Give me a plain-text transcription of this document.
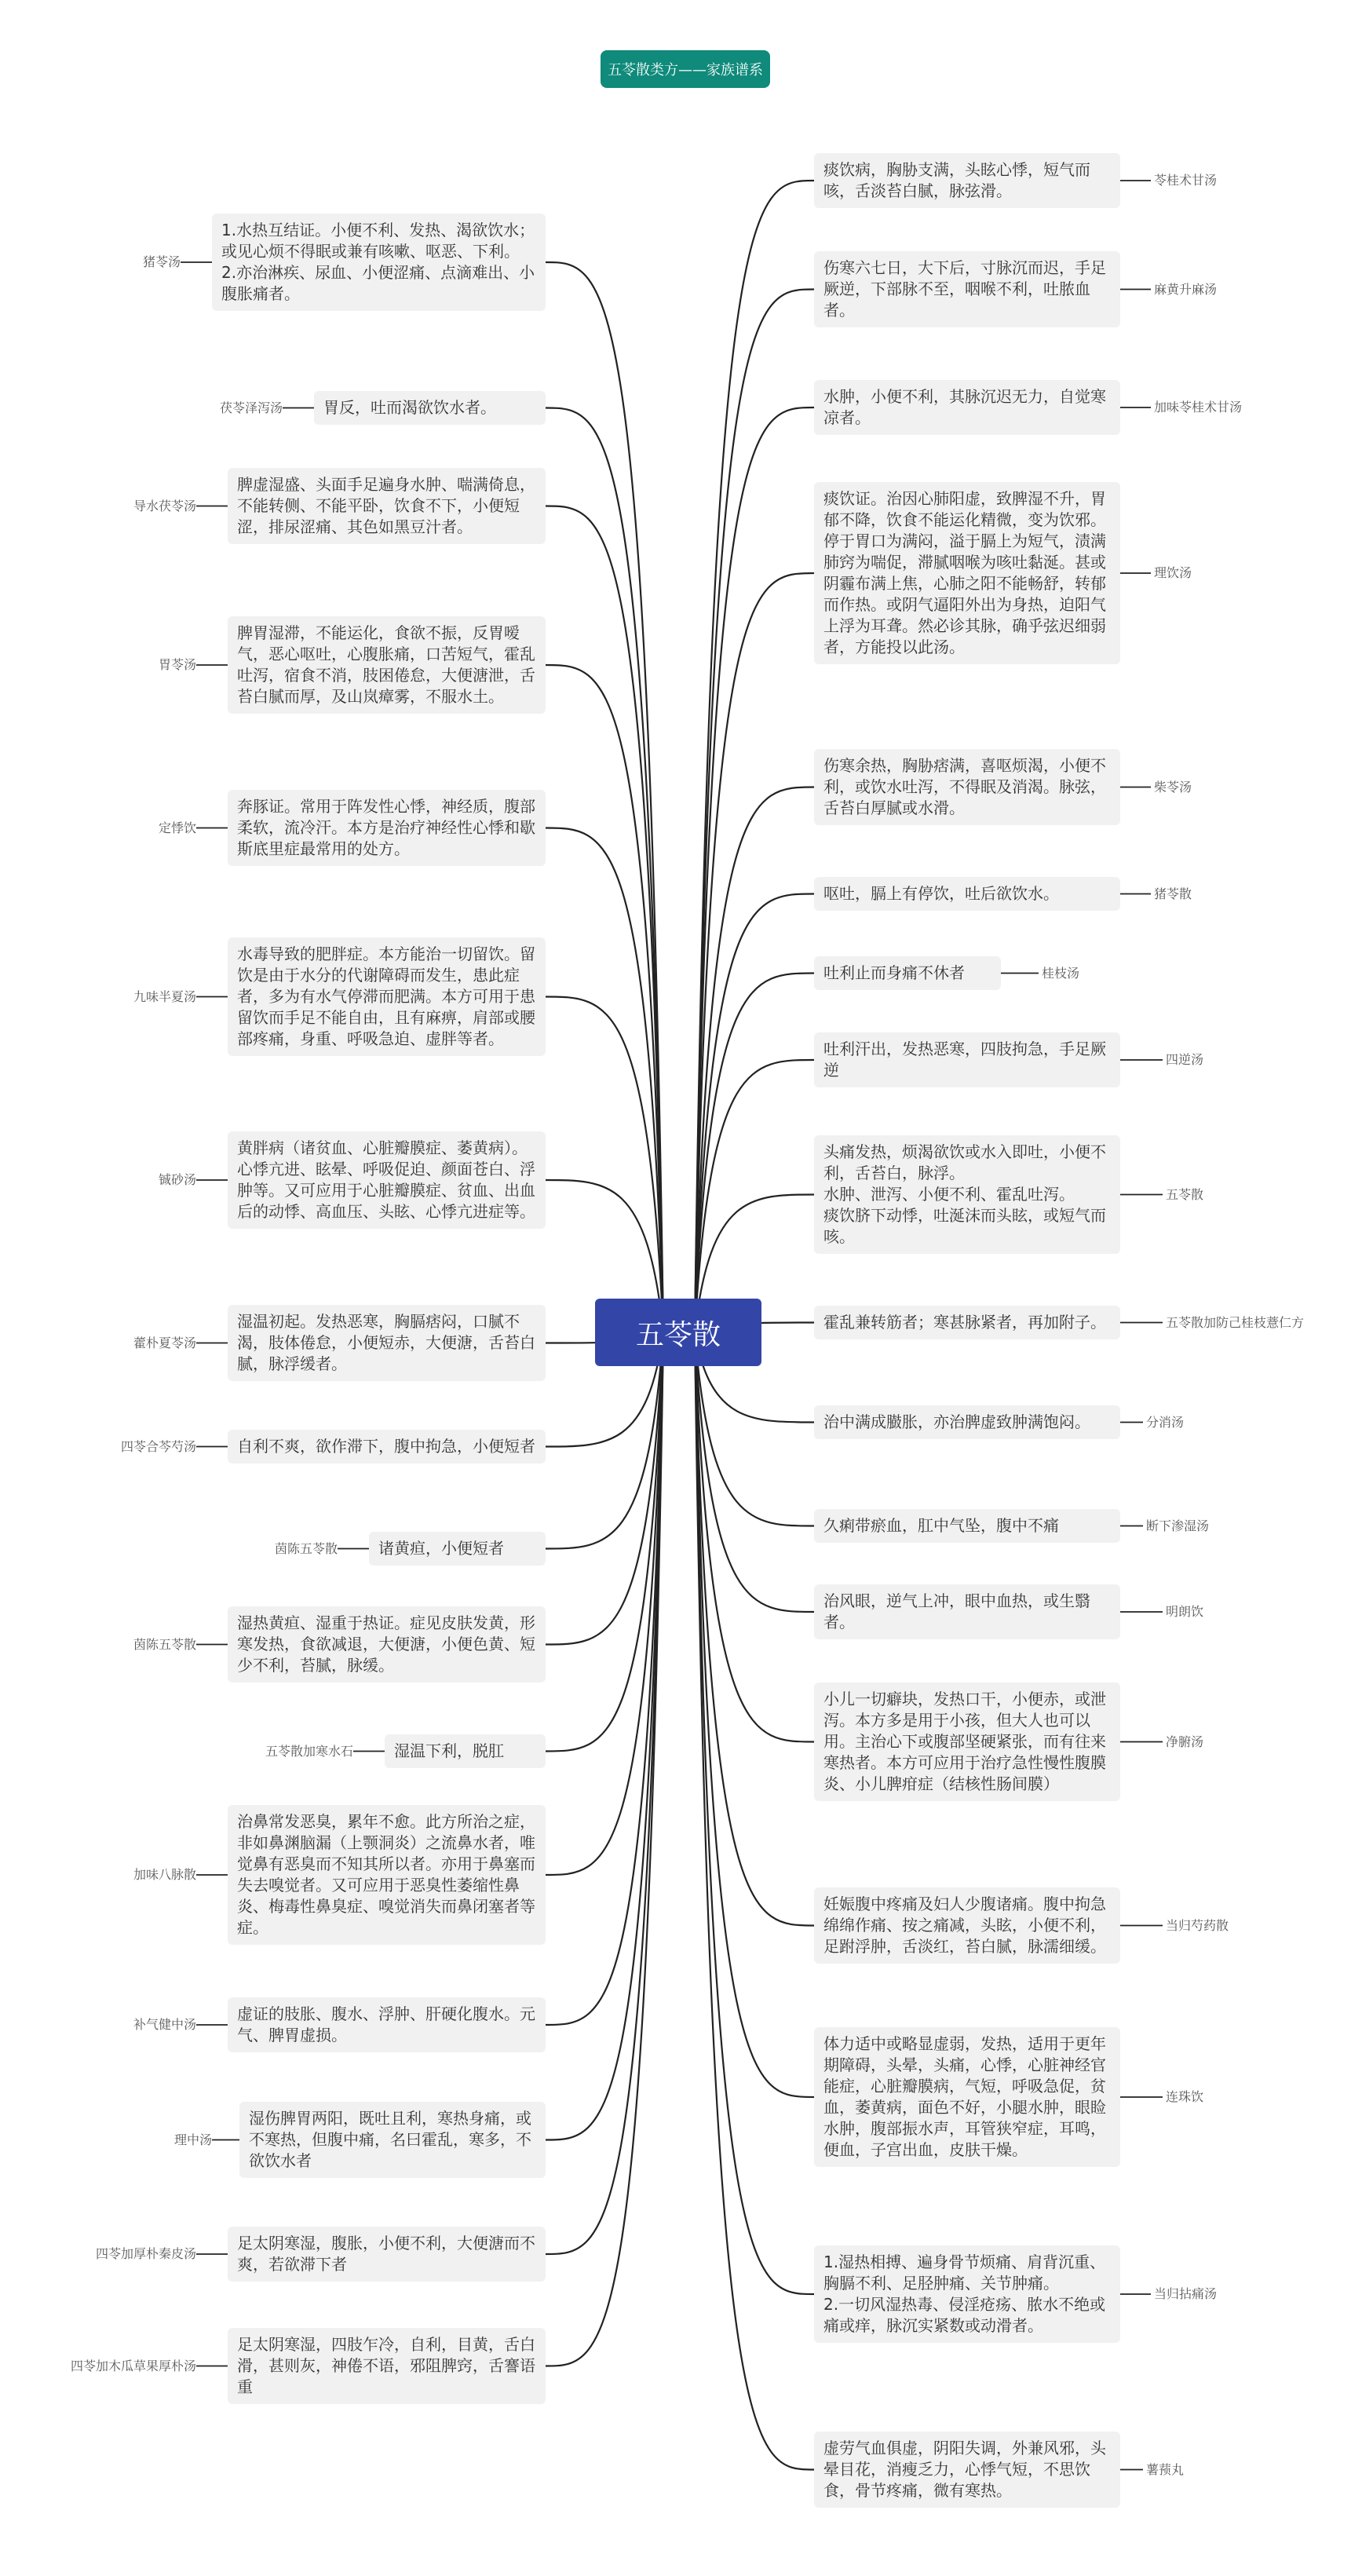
五苓散类方——家族谱系
五苓散
1.水热互结证。小便不利、发热、渴欲饮水；或见心烦不得眠或兼有咳嗽、呕恶、下利。
2.亦治淋疾、尿血、小便涩痛、点滴难出、小腹胀痛者。
猪苓汤
胃反，吐而渴欲饮水者。
茯苓泽泻汤
脾虚湿盛、头面手足遍身水肿、喘满倚息，不能转侧、不能平卧，饮食不下，小便短涩，排尿涩痛、其色如黑豆汁者。
导水茯苓汤
脾胃湿滞，不能运化，食欲不振，反胃嗳气，恶心呕吐，心腹胀痛，口苦短气，霍乱吐泻，宿食不消，肢困倦怠，大便溏泄，舌苔白腻而厚，及山岚瘴雾，不服水土。
胃苓汤
奔豚证。常用于阵发性心悸，神经质，腹部柔软，流冷汗。本方是治疗神经性心悸和歇斯底里症最常用的处方。
定悸饮
水毒导致的肥胖症。本方能治一切留饮。留饮是由于水分的代谢障碍而发生，患此症者，多为有水气停滞而肥满。本方可用于患留饮而手足不能自由，且有麻痹，肩部或腰部疼痛，身重、呼吸急迫、虚胖等者。
九味半夏汤
黄胖病（诸贫血、心脏瓣膜症、萎黄病）。心悸亢进、眩晕、呼吸促迫、颜面苍白、浮肿等。又可应用于心脏瓣膜症、贫血、出血后的动悸、高血压、头眩、心悸亢进症等。
铖砂汤
湿温初起。发热恶寒，胸膈痞闷，口腻不渴，肢体倦怠，小便短赤，大便溏，舌苔白腻，脉浮缓者。
藿朴夏苓汤
自利不爽，欲作滞下，腹中拘急，小便短者
四苓合芩芍汤
诸黄疸，小便短者
茵陈五苓散
湿热黄疸、湿重于热证。症见皮肤发黄，形寒发热，食欲减退，大便溏，小便色黄、短少不利，苔腻，脉缓。
茵陈五苓散
湿温下利，脱肛
五苓散加寒水石
治鼻常发恶臭，累年不愈。此方所治之症，非如鼻渊脑漏（上颚洞炎）之流鼻水者，唯觉鼻有恶臭而不知其所以者。亦用于鼻塞而失去嗅觉者。又可应用于恶臭性萎缩性鼻炎、梅毒性鼻臭症、嗅觉消失而鼻闭塞者等症。
加味八脉散
虚证的肢胀、腹水、浮肿、肝硬化腹水。元气、脾胃虚损。
补气健中汤
湿伤脾胃两阳，既吐且利，寒热身痛，或不寒热，但腹中痛，名曰霍乱，寒多，不欲饮水者
理中汤
足太阴寒湿，腹胀，小便不利，大便溏而不爽，若欲滞下者
四苓加厚朴秦皮汤
足太阴寒湿，四肢乍冷，自利，目黄，舌白滑，甚则灰，神倦不语，邪阻脾窍，舌謇语重
四苓加木瓜草果厚朴汤
痰饮病，胸胁支满，头眩心悸，短气而咳，舌淡苔白腻，脉弦滑。
苓桂术甘汤
伤寒六七日，大下后，寸脉沉而迟，手足厥逆，下部脉不至，咽喉不利，吐脓血者。
麻黄升麻汤
水肿，小便不利，其脉沉迟无力，自觉寒凉者。
加味苓桂术甘汤
痰饮证。治因心肺阳虚，致脾湿不升，胃郁不降，饮食不能运化精微，变为饮邪。停于胃口为满闷，溢于膈上为短气，渍满肺窍为喘促，滞腻咽喉为咳吐黏涎。甚或阴霾布满上焦，心肺之阳不能畅舒，转郁而作热。或阴气逼阳外出为身热，迫阳气上浮为耳聋。然必诊其脉，确乎弦迟细弱者，方能投以此汤。
理饮汤
伤寒余热，胸胁痞满，喜呕烦渴，小便不利，或饮水吐泻，不得眠及消渴。脉弦，舌苔白厚腻或水滑。
柴苓汤
呕吐，膈上有停饮，吐后欲饮水。	猪苓散
吐利止而身痛不休者	桂枝汤
吐利汗出，发热恶寒，四肢拘急，手足厥逆
四逆汤
头痛发热，烦渴欲饮或水入即吐，小便不利，舌苔白，脉浮。
水肿、泄泻、小便不利、霍乱吐泻。
痰饮脐下动悸，吐涎沫而头眩，或短气而咳。
五苓散
霍乱兼转筋者；寒甚脉紧者，再加附子。	五苓散加防己桂枝薏仁方
治中满成臌胀，亦治脾虚致肿满饱闷。	分消汤
久痢带瘀血，肛中气坠，腹中不痛	断下渗湿汤
治风眼，逆气上冲，眼中血热，或生翳者。
明朗饮
小儿一切癖块，发热口干，小便赤，或泄泻。本方多是用于小孩，但大人也可以用。主治心下或腹部坚硬紧张，而有往来寒热者。本方可应用于治疗急性慢性腹膜炎、小儿脾疳症（结核性肠间膜）
净腑汤
妊娠腹中疼痛及妇人少腹诸痛。腹中拘急绵绵作痛、按之痛减，头眩，小便不利，足跗浮肿，舌淡红，苔白腻，脉濡细缓。
当归芍药散
体力适中或略显虚弱，发热，适用于更年期障碍，头晕，头痛，心悸，心脏神经官能症，心脏瓣膜病，气短，呼吸急促，贫血，萎黄病，面色不好，小腿水肿，眼睑水肿，腹部振水声，耳管狭窄症，耳鸣，便血，子宫出血，皮肤干燥。
连珠饮
1.湿热相搏、遍身骨节烦痛、肩背沉重、胸膈不利、足胫肿痛、关节肿痛。
2.一切风湿热毒、侵淫疮疡、脓水不绝或痛或痒，脉沉实紧数或动滑者。
当归拈痛汤
虚劳气血俱虚，阴阳失调，外兼风邪，头晕目花，消瘦乏力，心悸气短，不思饮食，骨节疼痛，微有寒热。
薯蓣丸
